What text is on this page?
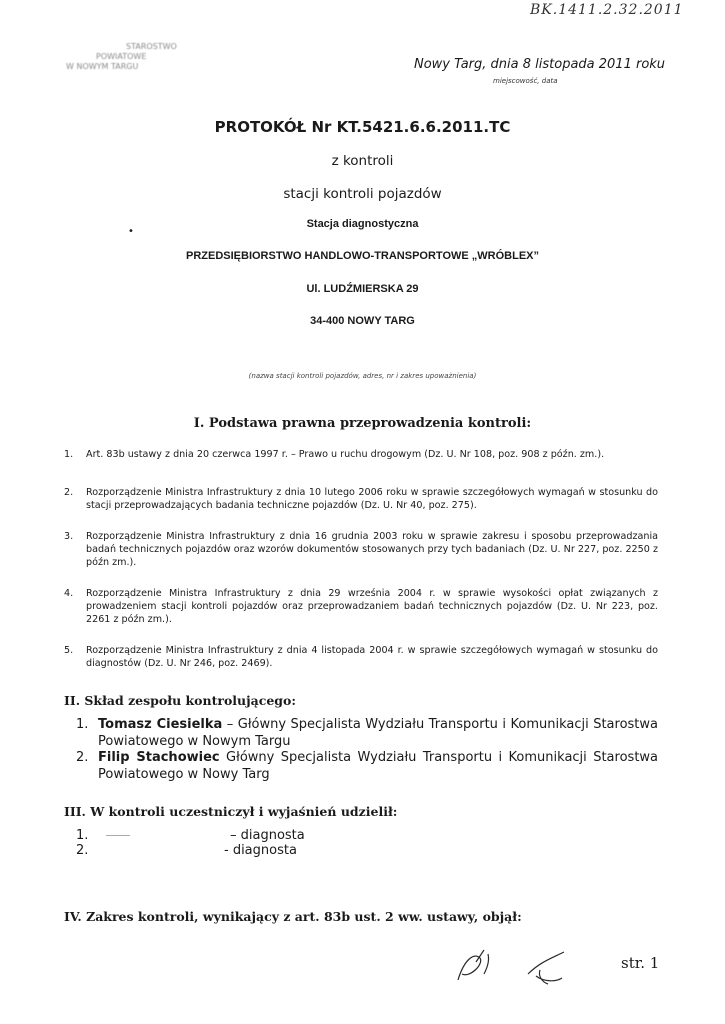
BK.1411.2.32.2011
STAROSTWO
POWIATOWE
W NOWYM TARGU	Nowy Targ, dnia 8 listopada 2011 roku
miejscowość, data
PROTOKÓŁ Nr KT.5421.6.6.2011.TC
z kontroli
stacji kontroli pojazdów
Stacja diagnostyczna
•
PRZEDSIĘBIORSTWO HANDLOWO-TRANSPORTOWE „WRÓBLEX”
Ul. LUDŹMIERSKA 29
34-400 NOWY TARG
(nazwa stacji kontroli pojazdów, adres, nr i zakres upoważnienia)
I. Podstawa prawna przeprowadzenia kontroli:
1. Art. 83b ustawy z dnia 20 czerwca 1997 r. – Prawo u ruchu drogowym (Dz. U. Nr 108, poz. 908 z późn. zm.).
2. Rozporządzenie Ministra Infrastruktury z dnia 10 lutego 2006 roku w sprawie szczegółowych wymagań w stosunku do stacji przeprowadzających badania techniczne pojazdów (Dz. U. Nr 40, poz. 275).
3. Rozporządzenie Ministra Infrastruktury z dnia 16 grudnia 2003 roku w sprawie zakresu i sposobu przeprowadzania badań technicznych pojazdów oraz wzorów dokumentów stosowanych przy tych badaniach (Dz. U. Nr 227, poz. 2250 z późn zm.).
4. Rozporządzenie Ministra Infrastruktury z dnia 29 września 2004 r. w sprawie wysokości opłat związanych z prowadzeniem stacji kontroli pojazdów oraz przeprowadzaniem badań technicznych pojazdów (Dz. U. Nr 223, poz. 2261 z późn zm.).
5. Rozporządzenie Ministra Infrastruktury z dnia 4 listopada 2004 r. w sprawie szczegółowych wymagań w stosunku do diagnostów (Dz. U. Nr 246, poz. 2469).
II. Skład zespołu kontrolującego:
1. Tomasz Ciesielka – Główny Specjalista Wydziału Transportu i Komunikacji Starostwa Powiatowego w Nowym Targu
2. Filip Stachowiec Główny Specjalista Wydziału Transportu i Komunikacji Starostwa Powiatowego w Nowy Targ
III. W kontroli uczestniczył i wyjaśnień udzielił:
1.	– diagnosta
2.	- diagnosta
IV. Zakres kontroli, wynikający z art. 83b ust. 2 ww. ustawy, objął:
str. 1
